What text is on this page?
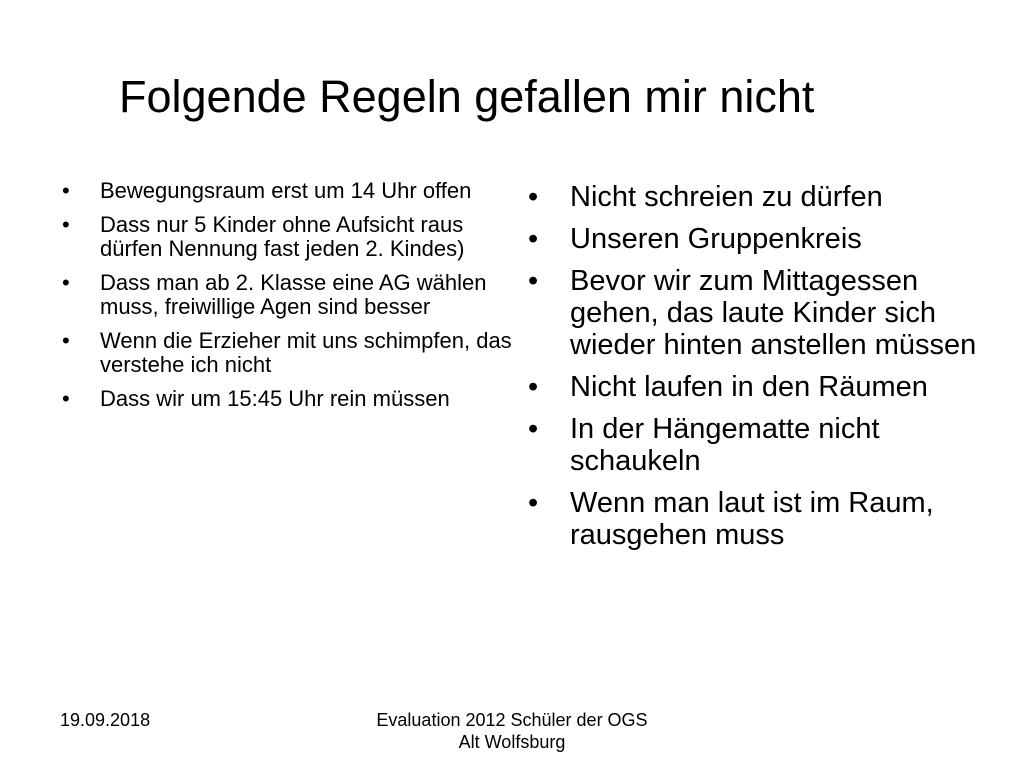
Folgende Regeln gefallen mir nicht
• Bewegungsraum erst um 14 Uhr offen
• Dass nur 5 Kinder ohne Aufsicht raus dürfen Nennung fast jeden 2. Kindes)
• Dass man ab 2. Klasse eine AG wählen muss, freiwillige Agen sind besser
• Wenn die Erzieher mit uns schimpfen, das verstehe ich nicht
• Dass wir um 15:45 Uhr rein müssen
• Nicht schreien zu dürfen
• Unseren Gruppenkreis
• Bevor wir zum Mittagessen gehen, das laute Kinder sich wieder hinten anstellen müssen
• Nicht laufen in den Räumen
• In der Hängematte nicht schaukeln
• Wenn man laut ist im Raum, rausgehen muss
19.09.2018	Evaluation 2012 Schüler der OGS
Alt Wolfsburg
